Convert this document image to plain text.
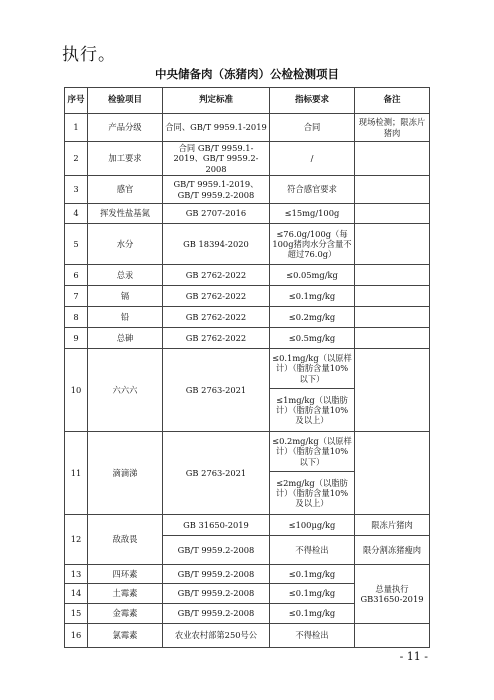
执行。
中央储备肉（冻猪肉）公检检测项目
序号	检验项目	判定标准	指标要求	备注
1	产品分级	合同、GB/T 9959.1-2019	合同	现场检测；限冻片猪肉
2	加工要求	合同 GB/T 9959.1-2019、GB/T 9959.2-2008	/	
3	感官	GB/T 9959.1-2019、GB/T 9959.2-2008	符合感官要求	
4	挥发性盐基氮	GB 2707-2016	≤15mg/100g	
5	水分	GB 18394-2020	≤76.0g/100g（每100g猪肉水分含量不超过76.0g）	
6	总汞	GB 2762-2022	≤0.05mg/kg	
7	镉	GB 2762-2022	≤0.1mg/kg	
8	铅	GB 2762-2022	≤0.2mg/kg	
9	总砷	GB 2762-2022	≤0.5mg/kg	
10	六六六	GB 2763-2021	≤0.1mg/kg（以原样计）（脂肪含量10%以下）	
			≤1mg/kg（以脂肪计）（脂肪含量10%及以上）	
11	滴滴涕	GB 2763-2021	≤0.2mg/kg（以原样计）（脂肪含量10%以下）	
			≤2mg/kg（以脂肪计）（脂肪含量10%及以上）	
12	敌敌畏	GB 31650-2019	≤100μg/kg	限冻片猪肉
		GB/T 9959.2-2008	不得检出	限分割冻猪瘦肉
13	四环素	GB/T 9959.2-2008	≤0.1mg/kg	总量执行GB31650-2019
14	土霉素	GB/T 9959.2-2008	≤0.1mg/kg	
15	金霉素	GB/T 9959.2-2008	≤0.1mg/kg	
16	氯霉素	农业农村部第250号公	不得检出	
- 11 -
